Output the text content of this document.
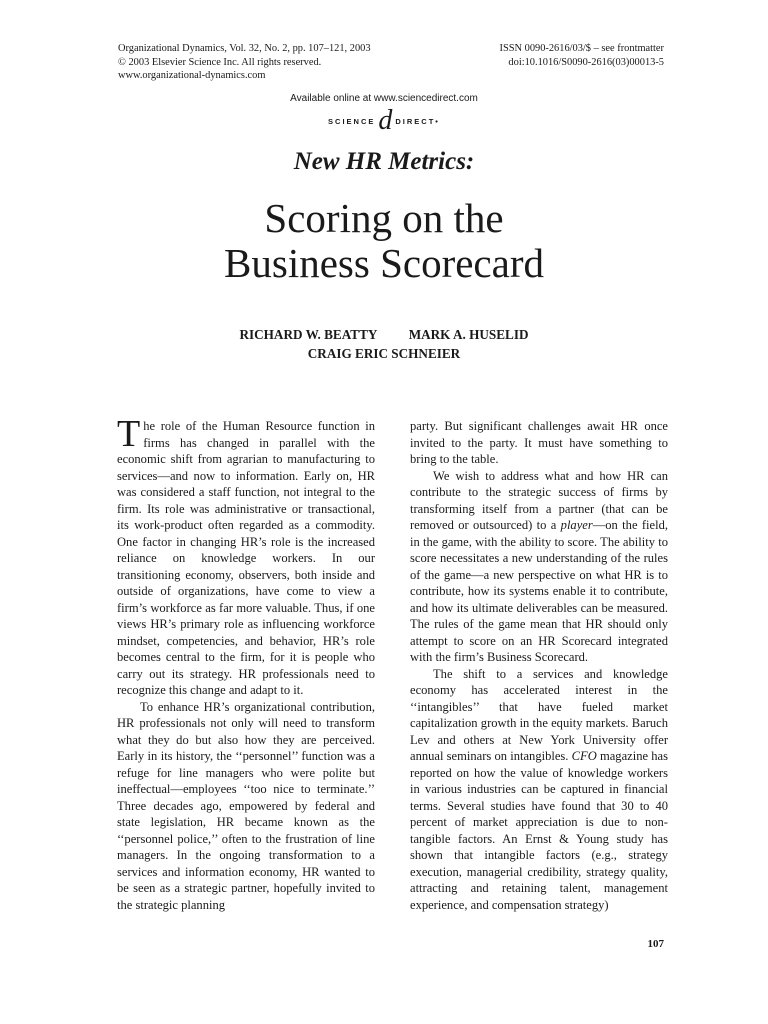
Organizational Dynamics, Vol. 32, No. 2, pp. 107–121, 2003
© 2003 Elsevier Science Inc. All rights reserved.
www.organizational-dynamics.com
ISSN 0090-2616/03/$ – see frontmatter
doi:10.1016/S0090-2616(03)00013-5
Available online at www.sciencedirect.com
SCIENCE d DIRECT•
New HR Metrics:
Scoring on the
Business Scorecard
RICHARD W. BEATTY MARK A. HUSELID
CRAIG ERIC SCHNEIER

The role of the Human Resource function in firms has changed in parallel with the economic shift from agrarian to manufacturing to services—and now to information. Early on, HR was considered a staff function, not integral to the firm. Its role was administrative or transactional, its work-product often regarded as a commodity. One factor in changing HR’s role is the increased reliance on knowledge workers. In our transitioning economy, observers, both inside and outside of organizations, have come to view a firm’s workforce as far more valuable. Thus, if one views HR’s primary role as influencing workforce mindset, competencies, and behavior, HR’s role becomes central to the firm, for it is people who carry out its strategy. HR professionals need to recognize this change and adapt to it.

To enhance HR’s organizational contribution, HR professionals not only will need to transform what they do but also how they are perceived. Early in its history, the ‘‘personnel’’ function was a refuge for line managers who were polite but ineffectual—employees ‘‘too nice to terminate.’’ Three decades ago, empowered by federal and state legislation, HR became known as the ‘‘personnel police,’’ often to the frustration of line managers. In the ongoing transformation to a services and information economy, HR wanted to be seen as a strategic partner, hopefully invited to the strategic planning

party. But significant challenges await HR once invited to the party. It must have something to bring to the table.

We wish to address what and how HR can contribute to the strategic success of firms by transforming itself from a partner (that can be removed or outsourced) to a player—on the field, in the game, with the ability to score. The ability to score necessitates a new understanding of the rules of the game—a new perspective on what HR is to contribute, how its systems enable it to contribute, and how its ultimate deliverables can be measured. The rules of the game mean that HR should only attempt to score on an HR Scorecard integrated with the firm’s Business Scorecard.

The shift to a services and knowledge economy has accelerated interest in the ‘‘intangibles’’ that have fueled market capitalization growth in the equity markets. Baruch Lev and others at New York University offer annual seminars on intangibles. CFO magazine has reported on how the value of knowledge workers in various industries can be captured in financial terms. Several studies have found that 30 to 40 percent of market appreciation is due to non-tangible factors. An Ernst & Young study has shown that intangible factors (e.g., strategy execution, managerial credibility, strategy quality, attracting and retaining talent, management experience, and compensation strategy)

107
